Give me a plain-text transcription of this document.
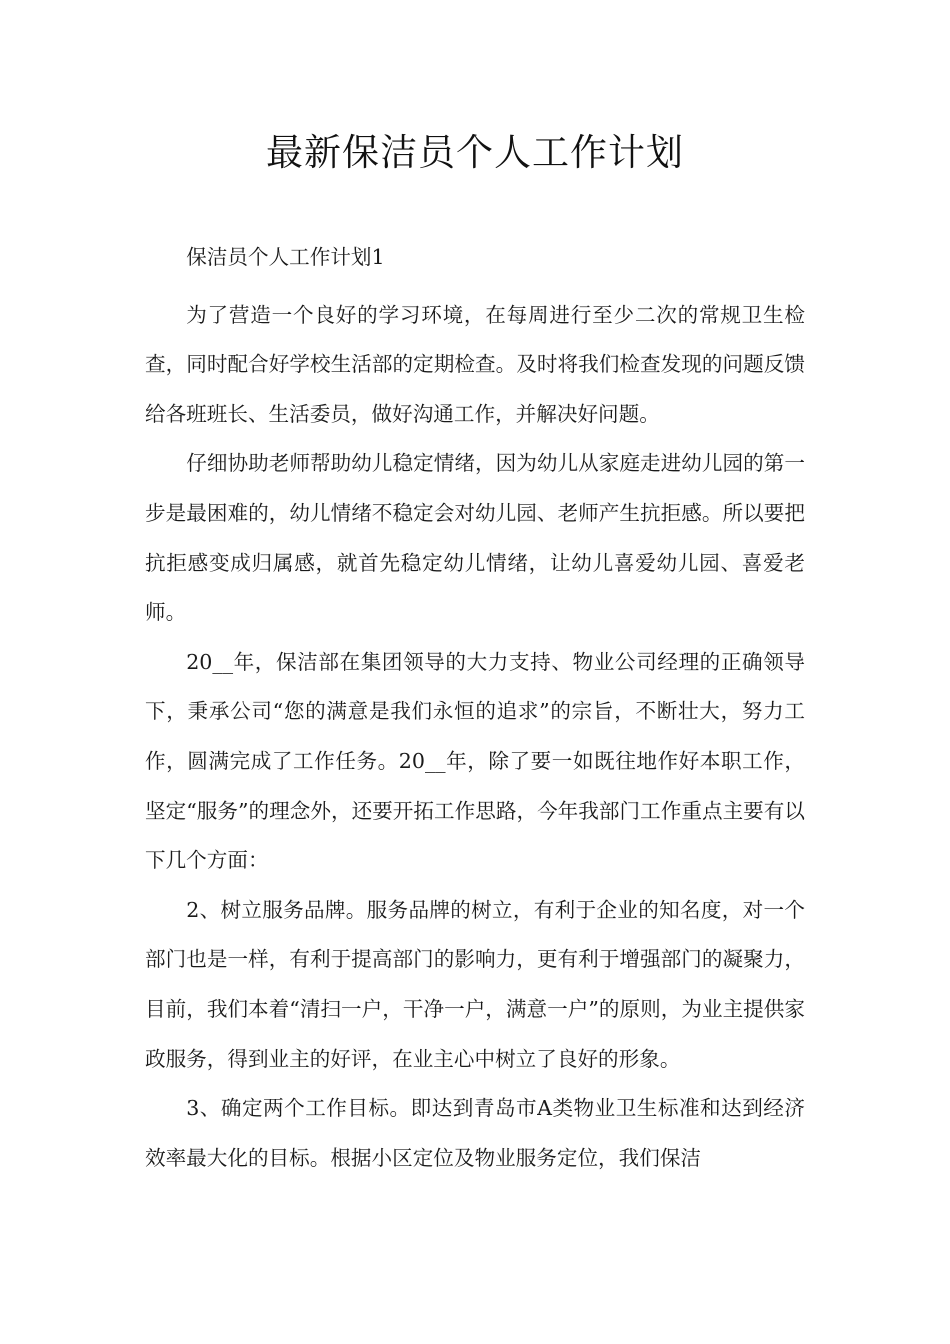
最新保洁员个人工作计划

保洁员个人工作计划1

为了营造一个良好的学习环境，在每周进行至少二次的常规卫生检查，同时配合好学校生活部的定期检查。及时将我们检查发现的问题反馈给各班班长、生活委员，做好沟通工作，并解决好问题。

仔细协助老师帮助幼儿稳定情绪，因为幼儿从家庭走进幼儿园的第一步是最困难的，幼儿情绪不稳定会对幼儿园、老师产生抗拒感。所以要把抗拒感变成归属感，就首先稳定幼儿情绪，让幼儿喜爱幼儿园、喜爱老师。

20__年，保洁部在集团领导的大力支持、物业公司经理的正确领导下，秉承公司“您的满意是我们永恒的追求”的宗旨，不断壮大，努力工作，圆满完成了工作任务。20__年，除了要一如既往地作好本职工作，坚定“服务”的理念外，还要开拓工作思路，今年我部门工作重点主要有以下几个方面：

2、树立服务品牌。服务品牌的树立，有利于企业的知名度，对一个部门也是一样，有利于提高部门的影响力，更有利于增强部门的凝聚力，目前，我们本着“清扫一户，干净一户，满意一户”的原则，为业主提供家政服务，得到业主的好评，在业主心中树立了良好的形象。

3、确定两个工作目标。即达到青岛市A类物业卫生标准和达到经济效率最大化的目标。根据小区定位及物业服务定位，我们保洁
